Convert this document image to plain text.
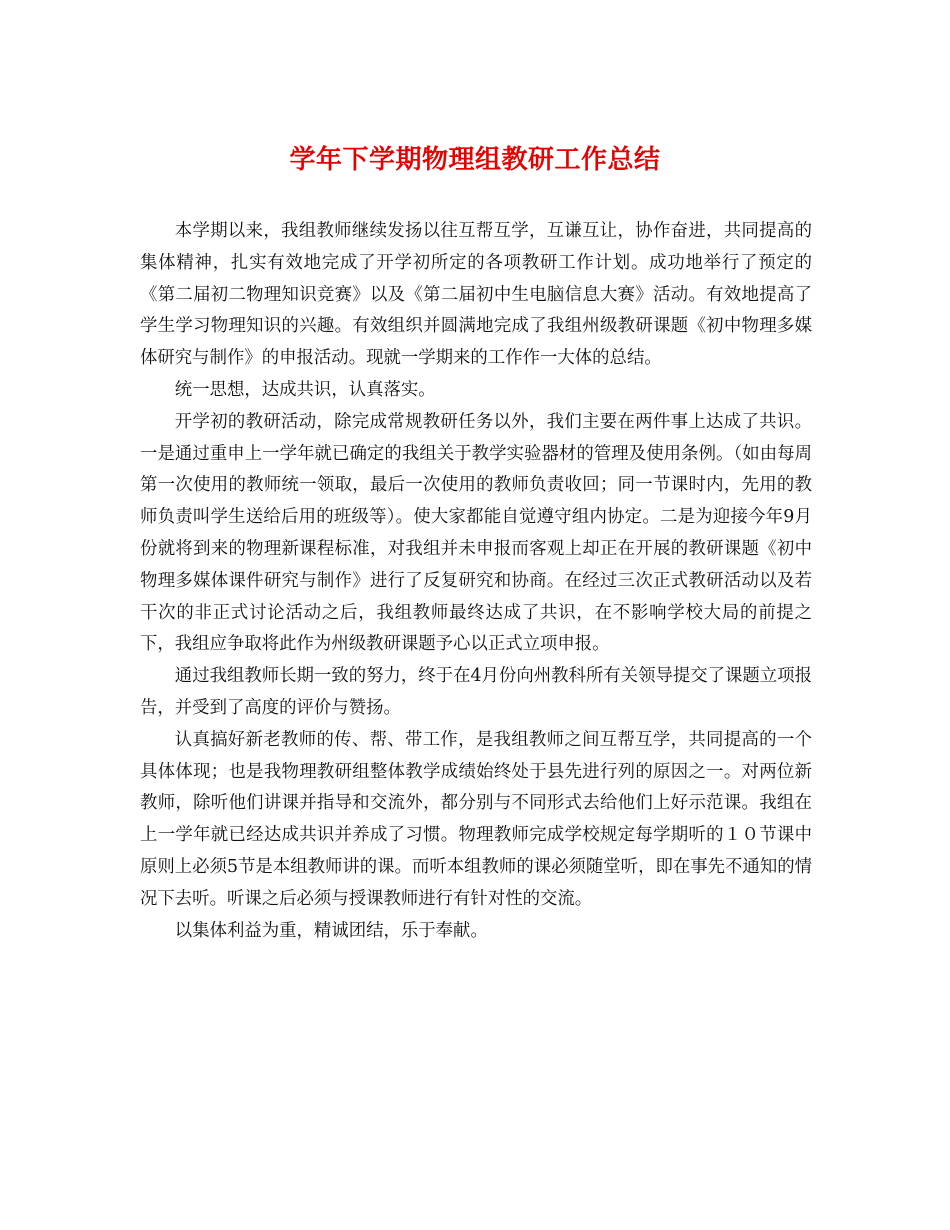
学年下学期物理组教研工作总结

本学期以来，我组教师继续发扬以往互帮互学，互谦互让，协作奋进，共同提高的集体精神，扎实有效地完成了开学初所定的各项教研工作计划。成功地举行了预定的《第二届初二物理知识竞赛》以及《第二届初中生电脑信息大赛》活动。有效地提高了学生学习物理知识的兴趣。有效组织并圆满地完成了我组州级教研课题《初中物理多媒体研究与制作》的申报活动。现就一学期来的工作作一大体的总结。

统一思想，达成共识，认真落实。

开学初的教研活动，除完成常规教研任务以外，我们主要在两件事上达成了共识。一是通过重申上一学年就已确定的我组关于教学实验器材的管理及使用条例。（如由每周第一次使用的教师统一领取，最后一次使用的教师负责收回；同一节课时内，先用的教师负责叫学生送给后用的班级等）。使大家都能自觉遵守组内协定。二是为迎接今年9月份就将到来的物理新课程标准，对我组并未申报而客观上却正在开展的教研课题《初中物理多媒体课件研究与制作》进行了反复研究和协商。在经过三次正式教研活动以及若干次的非正式讨论活动之后，我组教师最终达成了共识，在不影响学校大局的前提之下，我组应争取将此作为州级教研课题予心以正式立项申报。

通过我组教师长期一致的努力，终于在4月份向州教科所有关领导提交了课题立项报告，并受到了高度的评价与赞扬。

认真搞好新老教师的传、帮、带工作，是我组教师之间互帮互学，共同提高的一个具体体现；也是我物理教研组整体教学成绩始终处于县先进行列的原因之一。对两位新教师，除听他们讲课并指导和交流外，都分别与不同形式去给他们上好示范课。我组在上一学年就已经达成共识并养成了习惯。物理教师完成学校规定每学期听的１０节课中原则上必须5节是本组教师讲的课。而听本组教师的课必须随堂听，即在事先不通知的情况下去听。听课之后必须与授课教师进行有针对性的交流。

以集体利益为重，精诚团结，乐于奉献。
